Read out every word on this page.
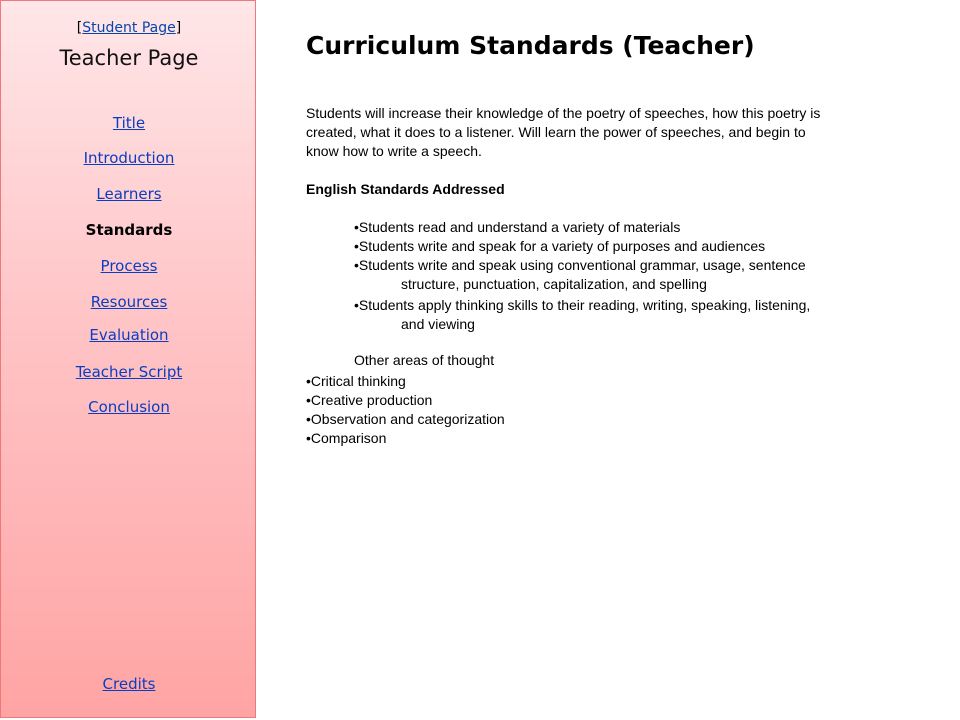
[Student Page]
Teacher Page
Title
Introduction
Learners
Standards
Process
Resources
Evaluation
Teacher Script
Conclusion
Credits
Curriculum Standards (Teacher)
Students will increase their knowledge of the poetry of speeches, how this poetry is
created, what it does to a listener. Will learn the power of speeches, and begin to
know how to write a speech.
English Standards Addressed
•Students read and understand a variety of materials
•Students write and speak for a variety of purposes and audiences
•Students write and speak using conventional grammar, usage, sentence
structure, punctuation, capitalization, and spelling
•Students apply thinking skills to their reading, writing, speaking, listening,
and viewing
Other areas of thought
•Critical thinking
•Creative production
•Observation and categorization
•Comparison
